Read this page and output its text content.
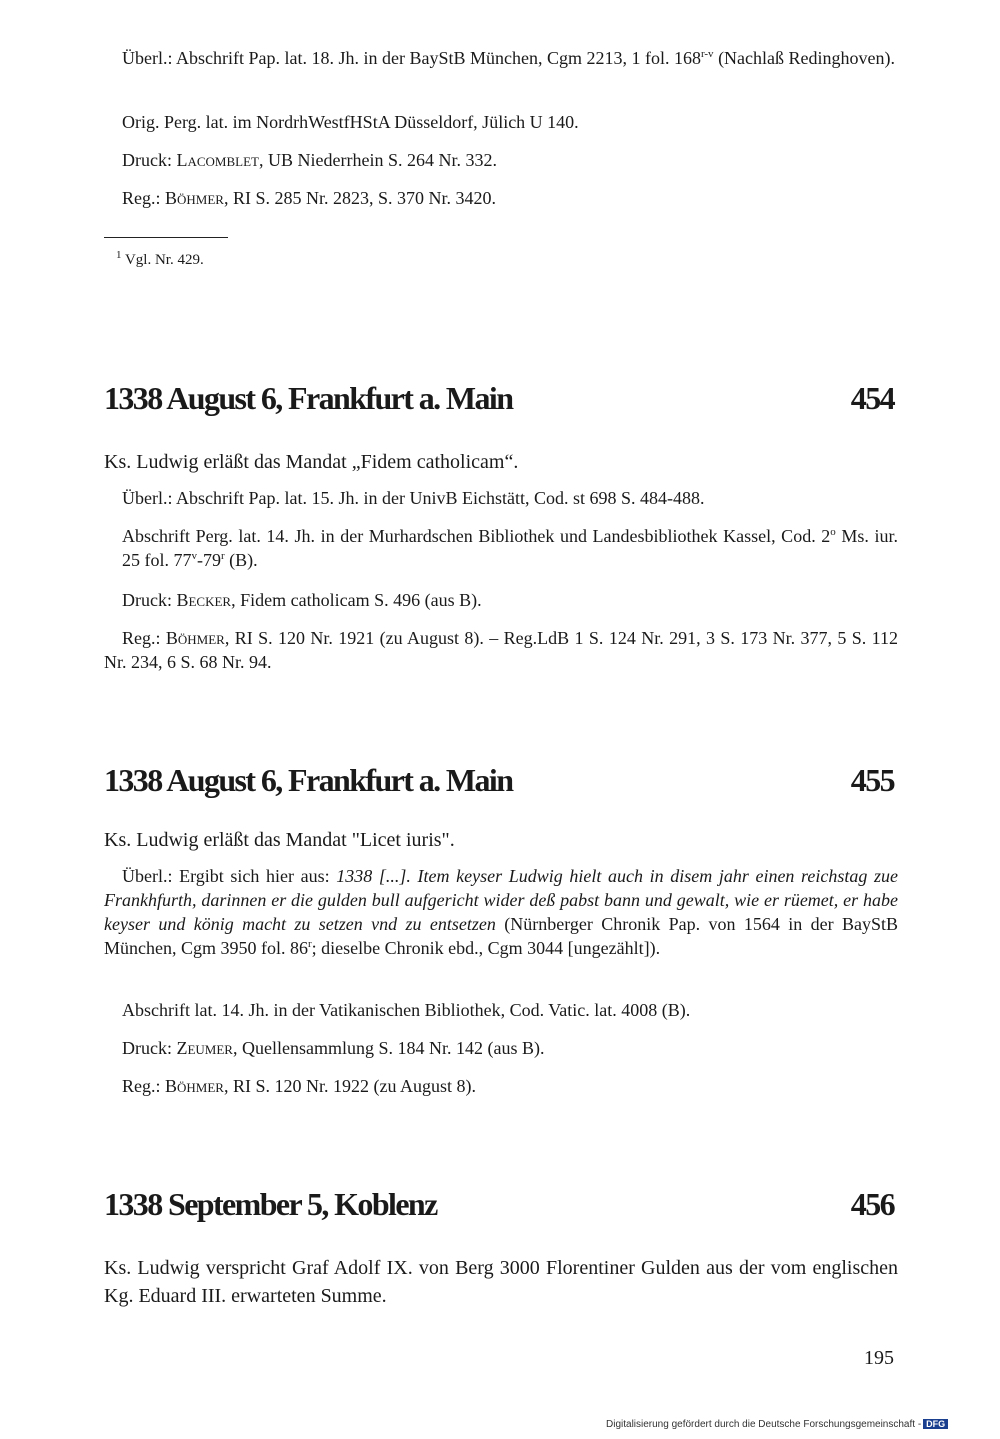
Überl.: Abschrift Pap. lat. 18. Jh. in der BayStB München, Cgm 2213, 1 fol. 168$^{r-v}$ (Nachlaß Redinghoven).

Orig. Perg. lat. im NordrhWestfHStA Düsseldorf, Jülich U 140.

Druck: Lacomblet, UB Niederrhein S. 264 Nr. 332.

Reg.: Böhmer, RI S. 285 Nr. 2823, S. 370 Nr. 3420.

$^1$ Vgl. Nr. 429.
1338 August 6, Frankfurt a. Main	454

Ks. Ludwig erläßt das Mandat „Fidem catholicam“.

Überl.: Abschrift Pap. lat. 15. Jh. in der UnivB Eichstätt, Cod. st 698 S. 484-488.

Abschrift Perg. lat. 14. Jh. in der Murhardschen Bibliothek und Landesbibliothek Kassel, Cod. 2$^o$ Ms. iur. 25 fol. 77$^v$-79$^r$ (B).

Druck: Becker, Fidem catholicam S. 496 (aus B).

Reg.: Böhmer, RI S. 120 Nr. 1921 (zu August 8). – Reg.LdB 1 S. 124 Nr. 291, 3 S. 173 Nr. 377, 5 S. 112 Nr. 234, 6 S. 68 Nr. 94.

1338 August 6, Frankfurt a. Main	455

Ks. Ludwig erläßt das Mandat "Licet iuris".

Überl.: Ergibt sich hier aus: 1338 [...]. Item keyser Ludwig hielt auch in disem jahr einen reichstag zue Frankhfurth, darinnen er die gulden bull aufgericht wider deß pabst bann und gewalt, wie er rüemet, er habe keyser und könig macht zu setzen vnd zu entsetzen (Nürnberger Chronik Pap. von 1564 in der BayStB München, Cgm 3950 fol. 86$^r$; dieselbe Chronik ebd., Cgm 3044 [ungezählt]).

Abschrift lat. 14. Jh. in der Vatikanischen Bibliothek, Cod. Vatic. lat. 4008 (B).

Druck: Zeumer, Quellensammlung S. 184 Nr. 142 (aus B).

Reg.: Böhmer, RI S. 120 Nr. 1922 (zu August 8).

1338 September 5, Koblenz	456

Ks. Ludwig verspricht Graf Adolf IX. von Berg 3000 Florentiner Gulden aus der vom englischen Kg. Eduard III. erwarteten Summe.

195
Digitalisierung gefördert durch die Deutsche Forschungsgemeinschaft - DFG
